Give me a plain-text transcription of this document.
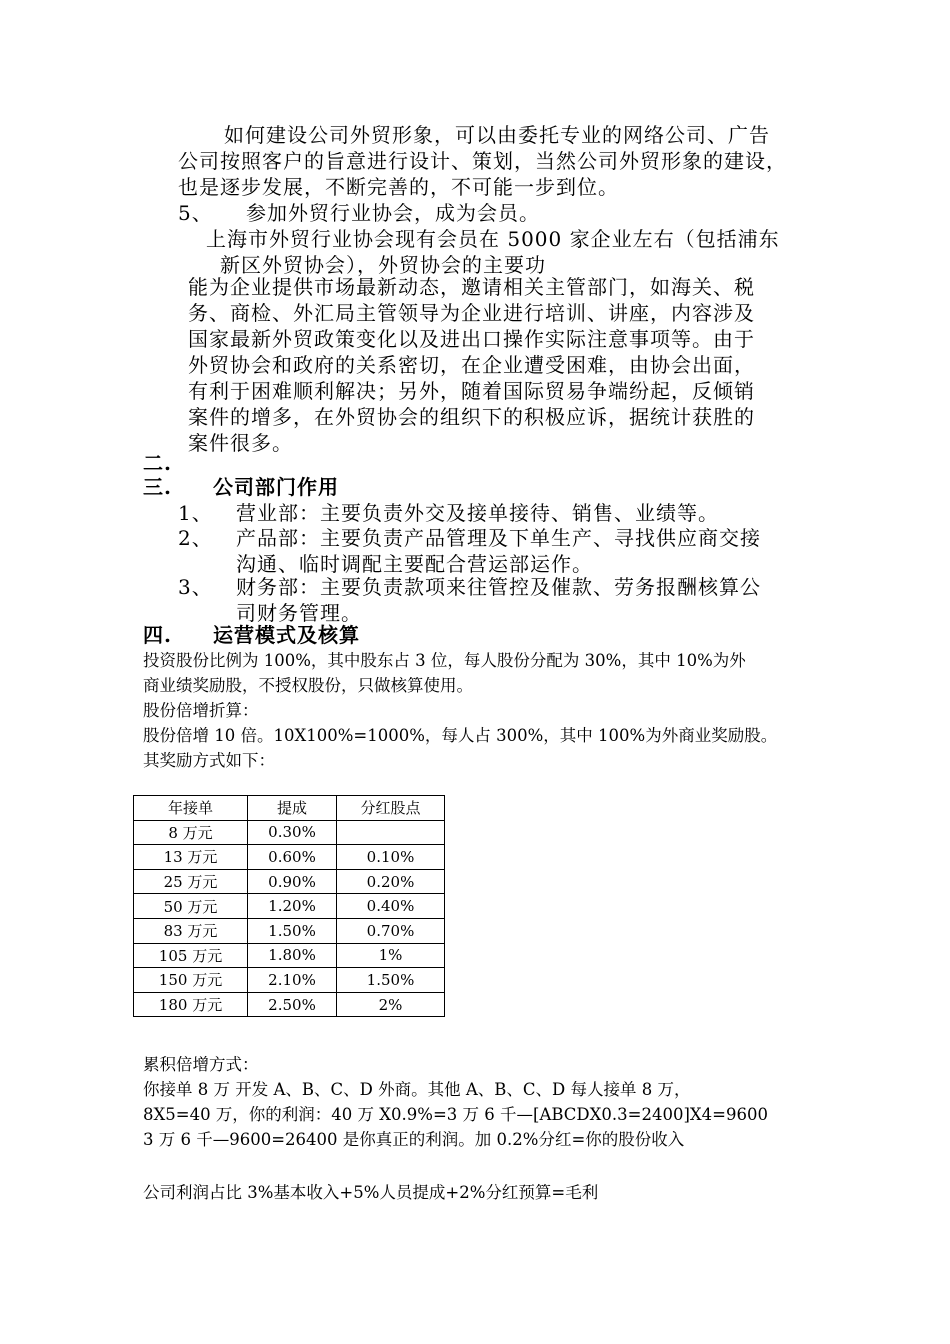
如何建设公司外贸形象，可以由委托专业的网络公司、广告
公司按照客户的旨意进行设计、策划，当然公司外贸形象的建设，
也是逐步发展，不断完善的，不可能一步到位。
5、 参加外贸行业协会，成为会员。
上海市外贸行业协会现有会员在 5000 家企业左右（包括浦东
新区外贸协会），外贸协会的主要功
能为企业提供市场最新动态，邀请相关主管部门，如海关、税
务、商检、外汇局主管领导为企业进行培训、讲座，内容涉及
国家最新外贸政策变化以及进出口操作实际注意事项等。由于
外贸协会和政府的关系密切，在企业遭受困难，由协会出面，
有利于困难顺利解决；另外，随着国际贸易争端纷起，反倾销
案件的增多，在外贸协会的组织下的积极应诉，据统计获胜的
案件很多。
二.
三. 公司部门作用
1、 营业部：主要负责外交及接单接待、销售、业绩等。
2、 产品部：主要负责产品管理及下单生产、寻找供应商交接
沟通、临时调配主要配合营运部运作。
3、 财务部：主要负责款项来往管控及催款、劳务报酬核算公
司财务管理。
四. 运营模式及核算
投资股份比例为 100%，其中股东占 3 位，每人股份分配为 30%，其中 10%为外
商业绩奖励股，不授权股份，只做核算使用。
股份倍增折算：
股份倍增 10 倍。10X100%=1000%，每人占 300%，其中 100%为外商业奖励股。
其奖励方式如下：
年接单	提成	分红股点
8 万元	0.30%	
13 万元	0.60%	0.10%
25 万元	0.90%	0.20%
50 万元	1.20%	0.40%
83 万元	1.50%	0.70%
105 万元	1.80%	1%
150 万元	2.10%	1.50%
180 万元	2.50%	2%
累积倍增方式：
你接单 8 万 开发 A、B、C、D 外商。其他 A、B、C、D 每人接单 8 万，
8X5=40 万，你的利润：40 万 X0.9%=3 万 6 千—[ABCDX0.3=2400]X4=9600
3 万 6 千—9600=26400 是你真正的利润。加 0.2%分红=你的股份收入
公司利润占比 3%基本收入+5%人员提成+2%分红预算=毛利
